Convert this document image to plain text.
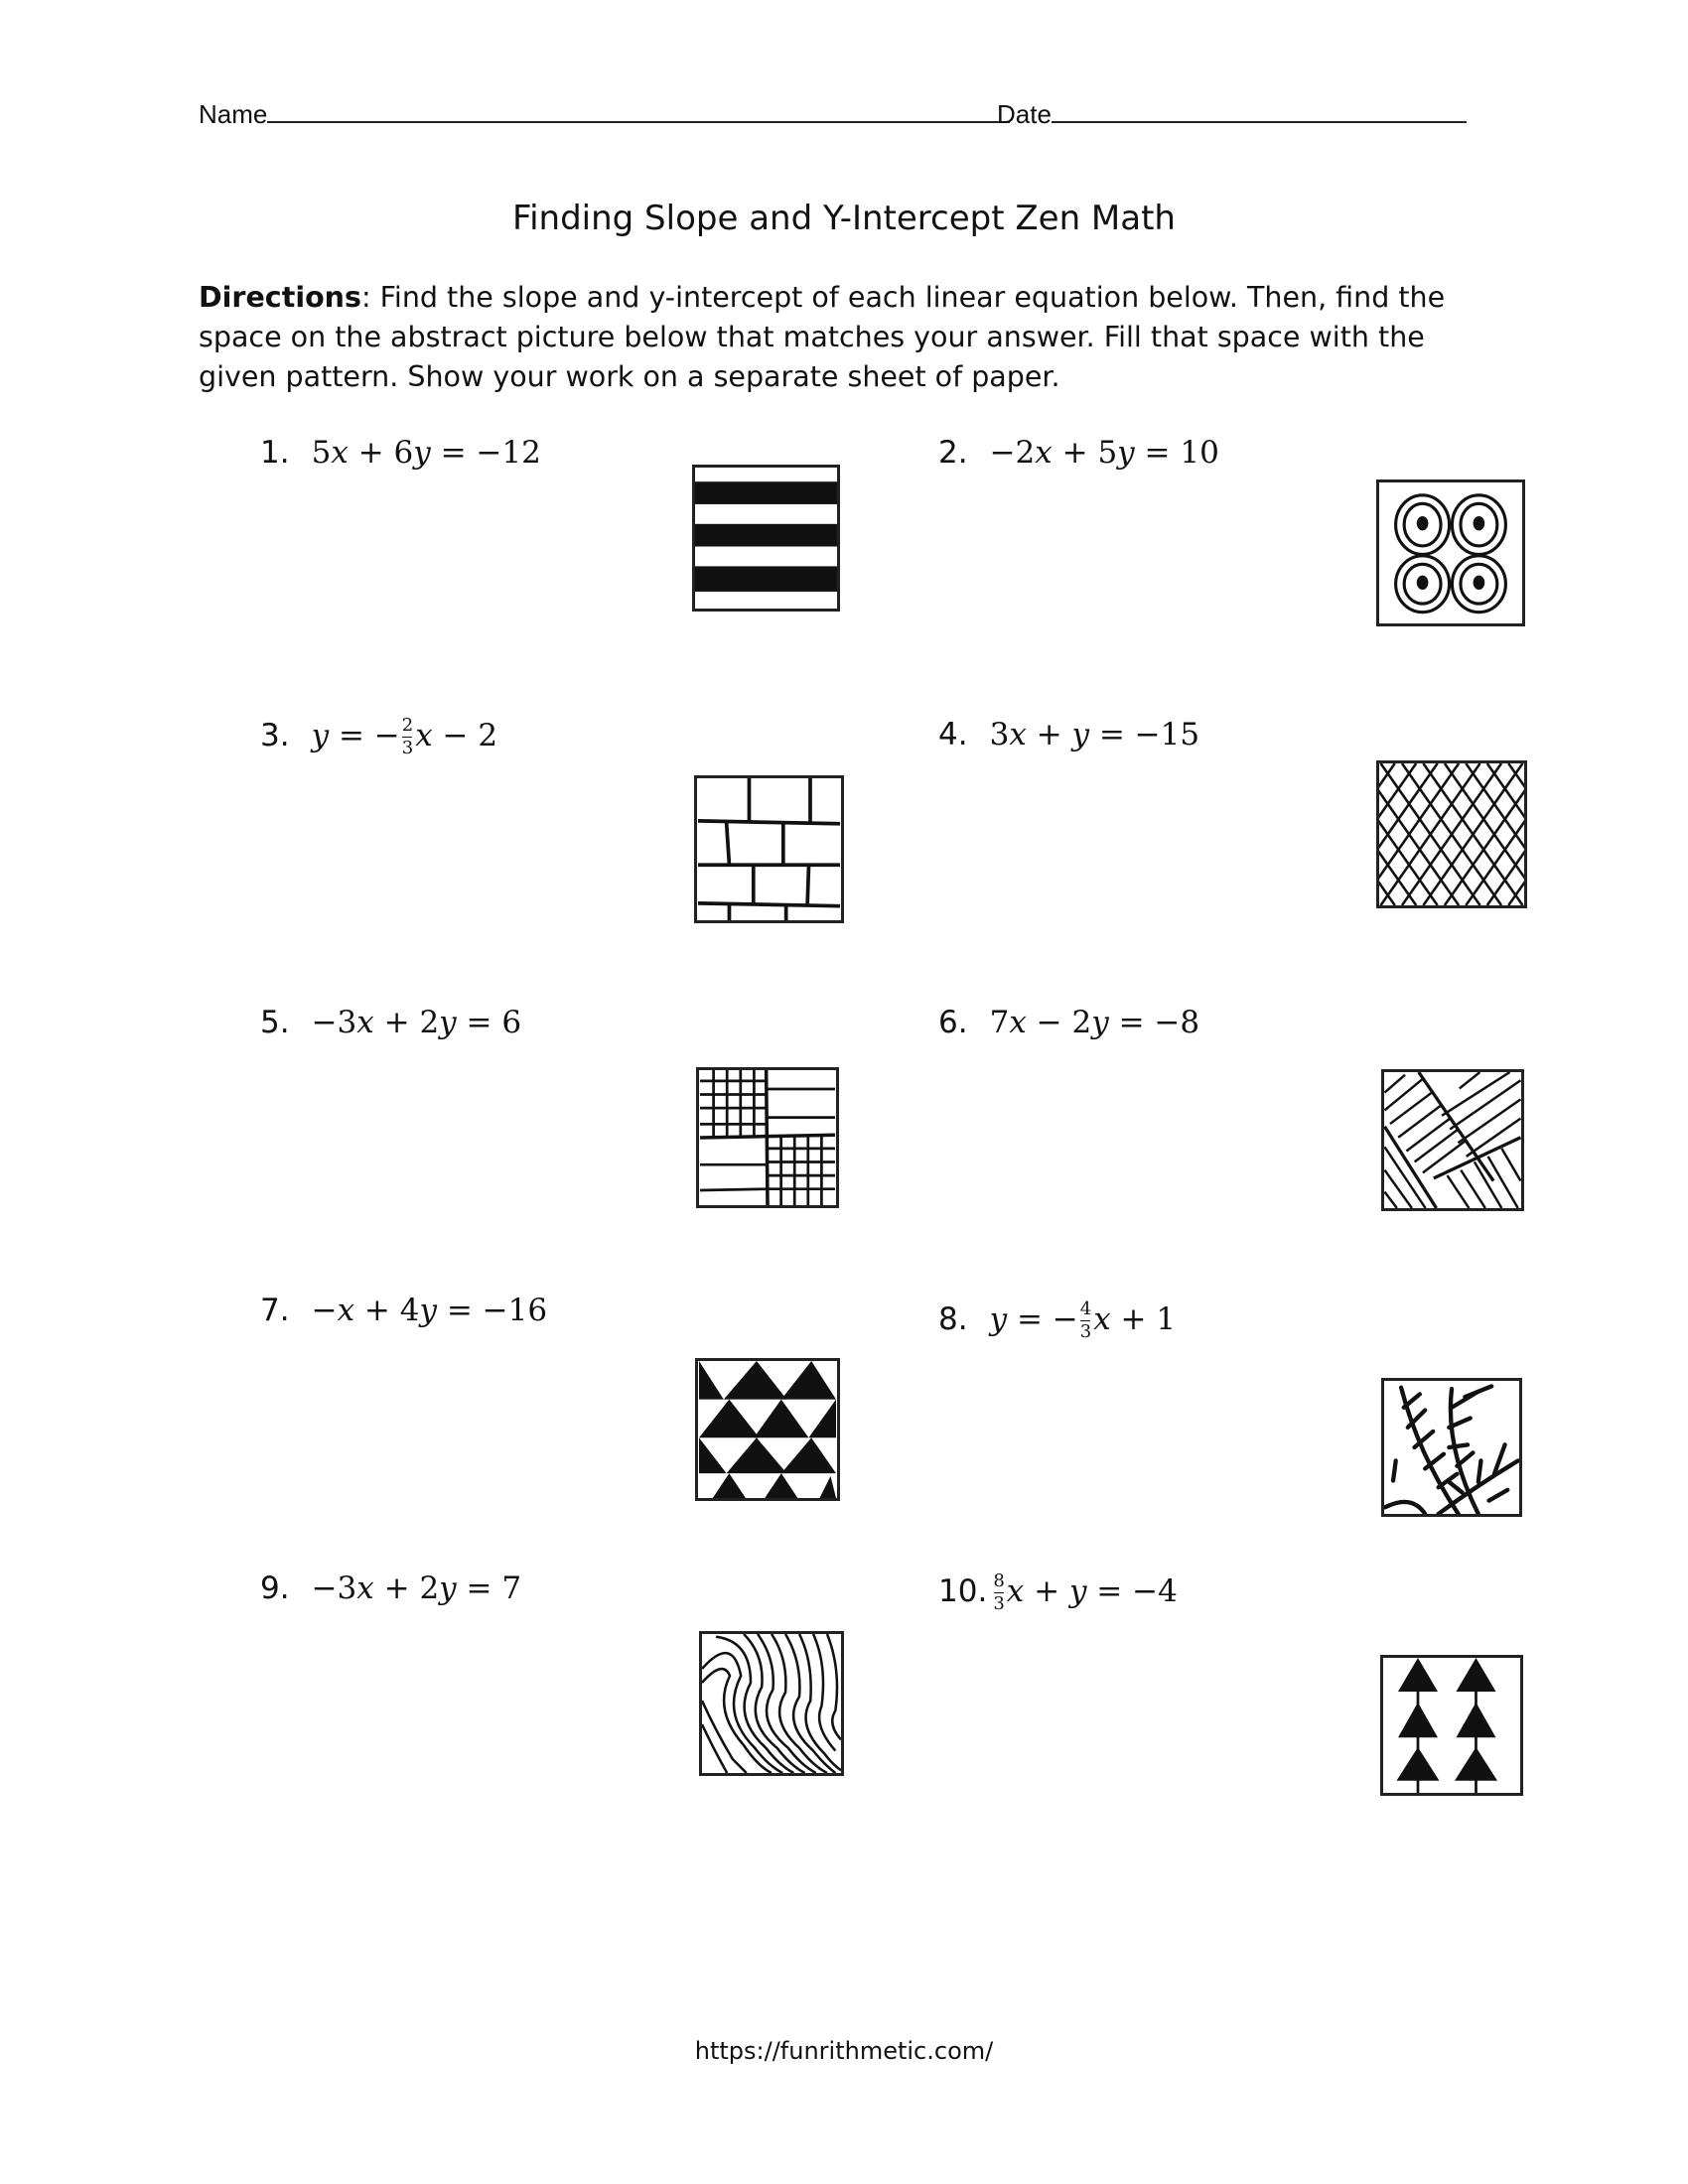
Name	Date
Finding Slope and Y-Intercept Zen Math
Directions: Find the slope and y-intercept of each linear equation below. Then, find the space on the abstract picture below that matches your answer. Fill that space with the given pattern. Show your work on a separate sheet of paper.
1. 5x + 6y = −12	2. −2x + 5y = 10
3. y = − $\frac{2}{3}$ x − 2	4. 3x + y = −15
5. −3x + 2y = 6	6. 7x − 2y = −8
7. −x + 4y = −16	8. y = − $\frac{4}{3}$ x + 1
9. −3x + 2y = 7	10. $\frac{8}{3}$ x + y = −4
https://funrithmetic.com/
